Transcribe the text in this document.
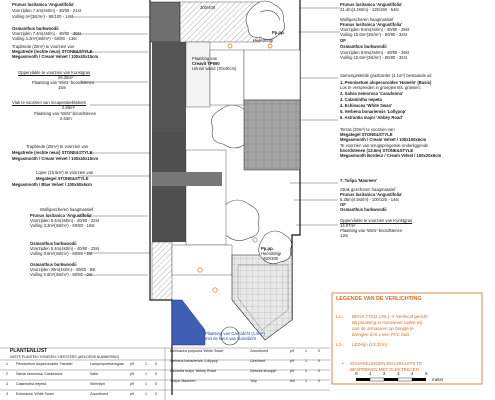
Prunus lusitanica 'Angustifolia'
Voorzijden 7.4m(4st/m) - 40/60 - 21st
Vulling m²(3st/m²) - 80/100 - 14st
Osmanthus burkwoodii
Voorzijden 7.4m(4st/m) - 40/60 - 30st
Vulling 4.3m²(3st/m²) - 60/80 - 13st
Trapbrede (20m²) te voorzien van
Megatrede (rechte neus) STONE&STYLE
Megasmooth / Cream Velvet / 100x40x15cm
Oppervlakte te voorzien van Kunstgras
26.25m²
Plaatsing van 'Wirtz'-boordstenen
15m
Vlak te voorzien van recuperatieklinkers
2.65m²
Plaatsing van 'Wirtz'-boordstenen
2.63m
Trapbrede (20m²) te voorzien van
Megatrede (rechte neus) STONE&STYLE
Megasmooth / Cream Velvet / 100x40x15cm
Loper (15.5m²) te voorzien van
Megategel STONE&STYLE
Megasmooth / Blue Velvet / 100x50x6cm
Wolligescheren haagmassief
Prunus lusitanica 'Angustifolia'
Voorzijden 5.4m(4st/m) - 40/60 - 22st
Vulling 3.3m²(3st/m²) - 60/80 - 10st
Osmanthus burkwoodii
Voorzijden 5.4m(4st/m) - 40/60 - 23st
Vulling 0.6m²(3st/m²) - 60/80 - 2st
Osmanthus burkwoodii
Voorzijden 29m(4st/m) - 40/60 - 8st
Vulling 0.6m²(3st/m²) - 60/80 - 2st
300/400
Heerdstrijp
Pp.pp.
Plaatsing van
Creavit TP690
Urinoir wand (70x40cm)
Pp.pp.
Heerdstrijp
250/300
Plaatsing van Gamalicht (1.5m²)
met de kleur van Gamalicht
Prunus lusitanica 'Angustifolia'
21.4m(4.2st/m) - 125/150 - 54st
Wolligescheren haagmassief
Prunus lusitanica 'Angustifolia'
Voorzijden 9.6m(4st/m) - 40/60 - 29st
Vulling 10.6m²(3st/m²) - 60/80 - 32st
OF
Osmanthus burkwoodii
Voorzijden 9.6m(4st/m) - 40/60 - 29st
Vulling 10.6m²(3st/m²) - 60/80 - 32st
Samengestelde grasborder (4.1m²) bestaande uit
1. Pennisetum alopecuroides 'Hameln' (Basis)
Los te verspreiden in groepjes tss. grassen:
2. Salvia nemorosa 'Caradonna'
3. Calamintha nepeta
4. Echinacea 'White Swan'
5. Verbena bonariensis 'Lollypop'
6. Astrantia major 'Abbey Road'
Terras (20m²) te voorzien van
Megategel STONE&STYLE
Megasmooth / Cream Velvet / 100x100x6cm
Te voorzien van terugspringende onderliggende
boordstenen (13.6m) STONE&STYLE
Megasmooth Bordeur / Cream Velvet / 100x20x6cm
7. Tulipa 'Maureen'
Strak geschoren haagmassief
Prunus lusitanica 'Angustifolia'
5.35m(4.5st/m) - 100/125 - 14st
OF
Osmanthus burkwoodii
Oppervlakte te voorzien van Kunstgras
14.07m²
Plaatsing van 'Wirtz'-boordstenen
13m
LEGENDE VAN DE VERLICHTING
L1= BEGA 77011 (3st.) -> Vertiscal gericht
Bij plaatsing in massiever raden wij
aan de armaturen op hoogte te
brengen d.m.v een PVC buis
L2= LED-lijn (13.32m)
• SCHAKELINGEN EN CIRCUITS TE
BESPREKEN MET ELEKTRICIEN
PLANTENLIJST
VASTE PLANTEN / KRUIDEN / HEESTERS (WOLDENS NUMMERING)
1 Pennisetum alopecuroides 'Hameln'	Lampenpoetsersgras p9	1 0
2 Salvia nemorosa 'Caradonna'	Salie	p9	1 0
3 Calamintha nepeta	Steentijm	p9	1 0
4 Echinacea 'White Swan'	Zonnehoed	p9	1 0
Echinacea purpurea 'White Swan'	Zonnehoed	p9	1	0
Verbena bonariensis 'Lollypop'	IJzerhard	p9	1	0
Astrantia major 'Abbey Road'	Zeeuws knoopje	p9	1	0
Tulipa 'Maureen'	Tulp	bol	1	0
0	1	2	3	4	5
meter
